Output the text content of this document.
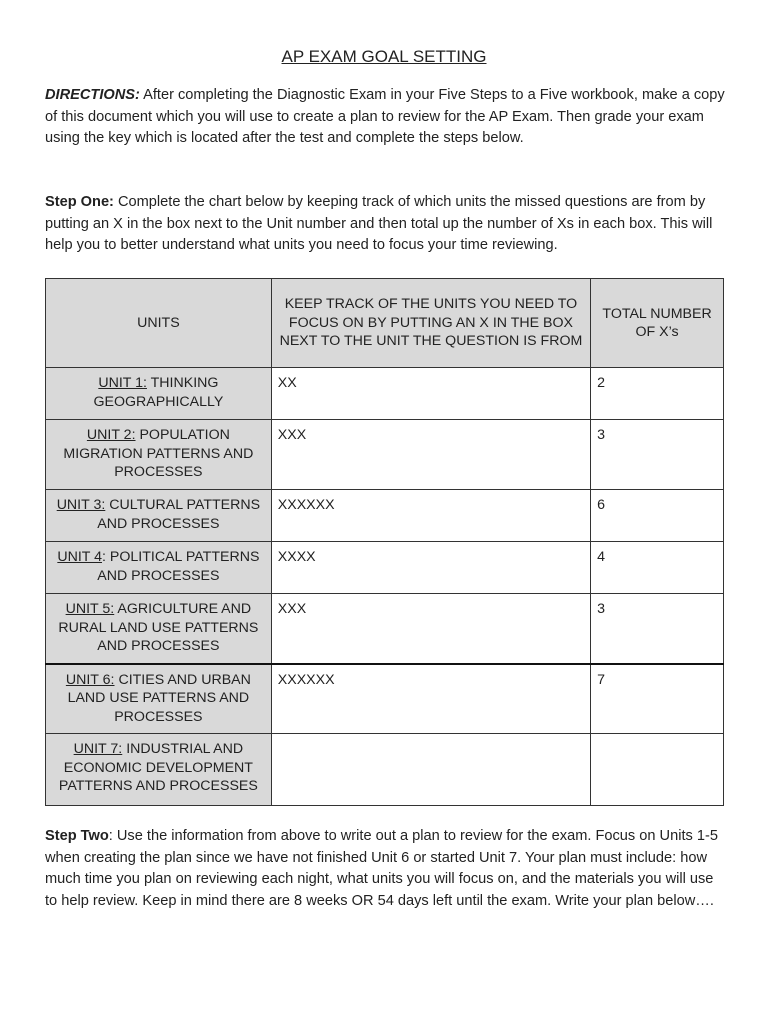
AP EXAM GOAL SETTING

DIRECTIONS: After completing the Diagnostic Exam in your Five Steps to a Five workbook, make a copy of this document which you will use to create a plan to review for the AP Exam. Then grade your exam using the key which is located after the test and complete the steps below.

Step One: Complete the chart below by keeping track of which units the missed questions are from by putting an X in the box next to the Unit number and then total up the number of Xs in each box. This will help you to better understand what units you need to focus your time reviewing.

UNITS	KEEP TRACK OF THE UNITS YOU NEED TO FOCUS ON BY PUTTING AN X IN THE BOX NEXT TO THE UNIT THE QUESTION IS FROM	TOTAL NUMBER OF X’s
UNIT 1: THINKING GEOGRAPHICALLY	XX	2
UNIT 2: POPULATION MIGRATION PATTERNS AND PROCESSES	XXX	3
UNIT 3: CULTURAL PATTERNS AND PROCESSES	XXXXXX	6
UNIT 4: POLITICAL PATTERNS AND PROCESSES	XXXX	4
UNIT 5: AGRICULTURE AND RURAL LAND USE PATTERNS AND PROCESSES	XXX	3
UNIT 6: CITIES AND URBAN LAND USE PATTERNS AND PROCESSES	XXXXXX	7
UNIT 7: INDUSTRIAL AND ECONOMIC DEVELOPMENT PATTERNS AND PROCESSES		

Step Two: Use the information from above to write out a plan to review for the exam. Focus on Units 1-5 when creating the plan since we have not finished Unit 6 or started Unit 7. Your plan must include: how much time you plan on reviewing each night, what units you will focus on, and the materials you will use to help review. Keep in mind there are 8 weeks OR 54 days left until the exam. Write your plan below….
